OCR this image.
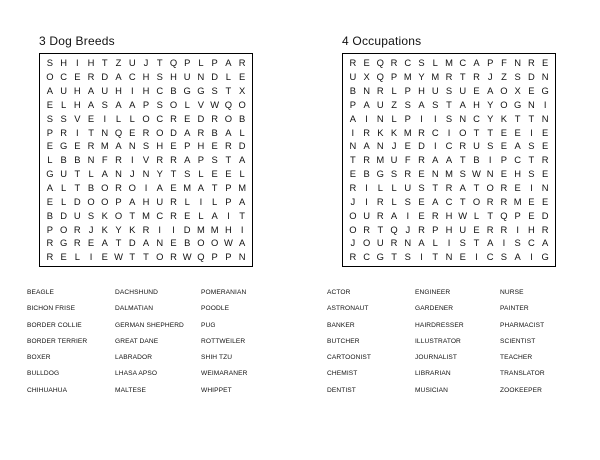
3 Dog Breeds
S H I H T Z U J T Q P L P A R
O C E R D A C H S H U N D L E
A U H A U H I H C B G G S T X
E L H A S A A P S O L V W Q O
S S V E I	L L O C R E D R O B
P R I	T N Q E R O D A R B A L
E G E R M A N S H E P H E R D
L B B N F R I V R R A P S T A
G U T L A N J N Y T S L E E L
A L T B O R O I A E M A T P M
E L D O O P A H U R L	I	L P A
B D U S K O T M C R E L A I	T
P O R J K Y K R I	I D M M H I
R G R E A T D A N E B O O W A
R E L	I E W T T O R W Q P P N
BEAGLE
BICHON FRISE
BORDER COLLIE
BORDER TERRIER
BOXER
BULLDOG
CHIHUAHUA
DACHSHUND
DALMATIAN
GERMAN SHEPHERD
GREAT DANE
LABRADOR
LHASA APSO
MALTESE
POMERANIAN
POODLE
PUG
ROTTWEILER
SHIH TZU
WEIMARANER
WHIPPET
4 Occupations
R E Q R C S L M C A P F N R E
U X Q P M Y M R T R J Z S D N
B N R L P H U S U E A O X E G
P A U Z S A S T A H Y O G N I
A I N L P I	I S N C Y K T T N
I R K K M R C I O T T E E I E
N A N J E D I C R U S E A S E
T R M U F R A A T B I P C T R
E B G S R E N M S W N E H S E
R I	L L U S T R A T O R E I N
J	I R L S E A C T O R R M E E
O U R A I E R H W L T Q P E D
O R T Q J R P H U E R R I H R
J O U R N A L	I S T A I S C A
R C G T S I	T N E I C S A I G
ACTOR
ASTRONAUT
BANKER
BUTCHER
CARTOONIST
CHEMIST
DENTIST
ENGINEER
GARDENER
HAIRDRESSER
ILLUSTRATOR
JOURNALIST
LIBRARIAN
MUSICIAN
NURSE
PAINTER
PHARMACIST
SCIENTIST
TEACHER
TRANSLATOR
ZOOKEEPER
